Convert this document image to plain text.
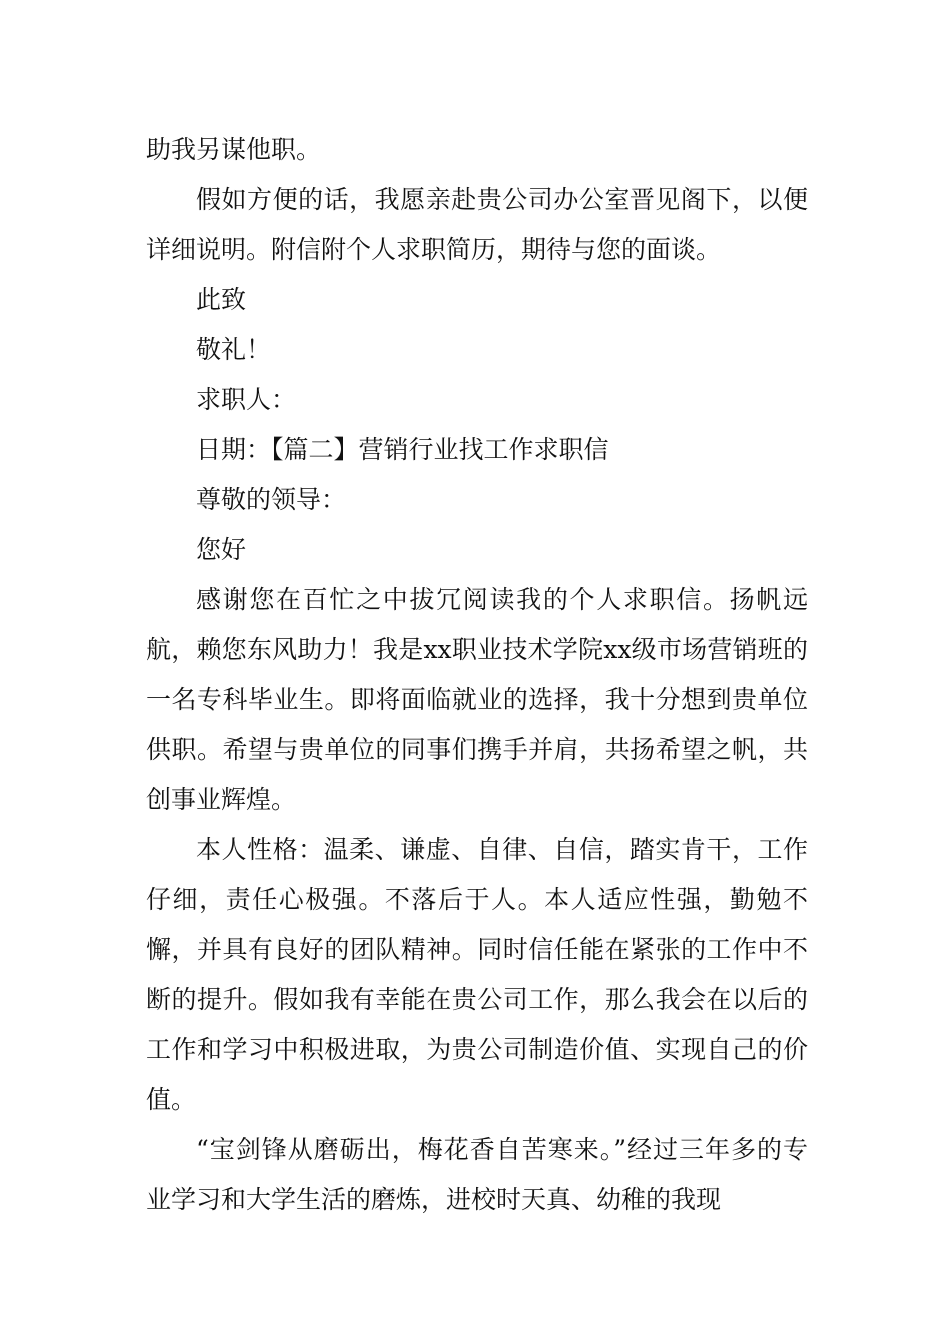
助我另谋他职。

假如方便的话，我愿亲赴贵公司办公室晋见阁下，以便详细说明。附信附个人求职简历，期待与您的面谈。

此致

敬礼！

求职人：

日期：【篇二】营销行业找工作求职信

尊敬的领导：

您好

感谢您在百忙之中拔冗阅读我的个人求职信。扬帆远航，赖您东风助力！我是xx职业技术学院xx级市场营销班的一名专科毕业生。即将面临就业的选择，我十分想到贵单位供职。希望与贵单位的同事们携手并肩，共扬希望之帆，共创事业辉煌。

本人性格：温柔、谦虚、自律、自信，踏实肯干，工作仔细，责任心极强。不落后于人。本人适应性强，勤勉不懈，并具有良好的团队精神。同时信任能在紧张的工作中不断的提升。假如我有幸能在贵公司工作，那么我会在以后的工作和学习中积极进取，为贵公司制造价值、实现自己的价值。

“宝剑锋从磨砺出，梅花香自苦寒来。”经过三年多的专业学习和大学生活的磨炼，进校时天真、幼稚的我现
